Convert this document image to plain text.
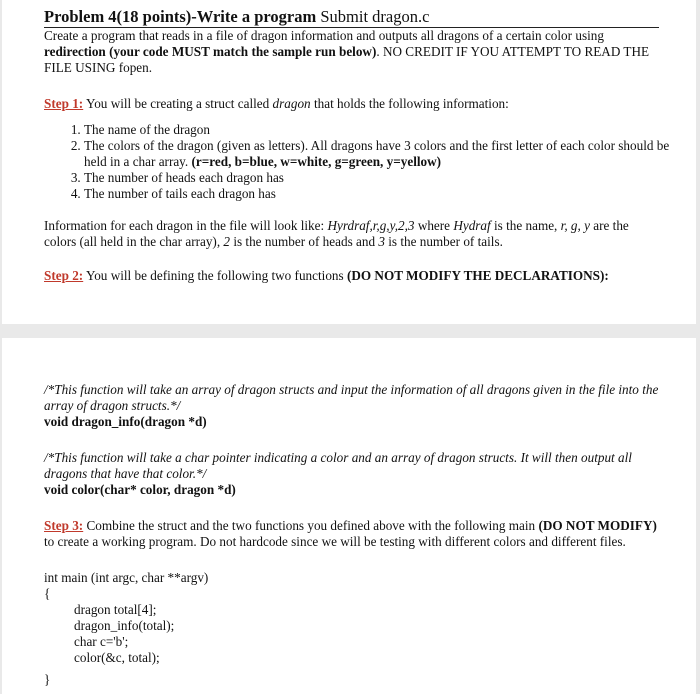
Problem 4(18 points)-Write a program Submit dragon.c

Create a program that reads in a file of dragon information and outputs all dragons of a certain color using redirection (your code MUST match the sample run below). NO CREDIT IF YOU ATTEMPT TO READ THE FILE USING fopen.

Step 1: You will be creating a struct called dragon that holds the following information:

1. The name of the dragon
2. The colors of the dragon (given as letters). All dragons have 3 colors and the first letter of each color should be held in a char array. (r=red, b=blue, w=white, g=green, y=yellow)
3. The number of heads each dragon has
4. The number of tails each dragon has

Information for each dragon in the file will look like: Hyrdraf,r,g,y,2,3 where Hydraf is the name, r, g, y are the colors (all held in the char array), 2 is the number of heads and 3 is the number of tails.

Step 2: You will be defining the following two functions (DO NOT MODIFY THE DECLARATIONS):

/*This function will take an array of dragon structs and input the information of all dragons given in the file into the array of dragon structs.*/

void dragon_info(dragon *d)

/*This function will take a char pointer indicating a color and an array of dragon structs. It will then output all dragons that have that color.*/

void color(char* color, dragon *d)

Step 3: Combine the struct and the two functions you defined above with the following main (DO NOT MODIFY) to create a working program. Do not hardcode since we will be testing with different colors and different files.

int main (int argc, char **argv)
{
dragon total[4];
dragon_info(total);
char c='b';
color(&c, total);
}
